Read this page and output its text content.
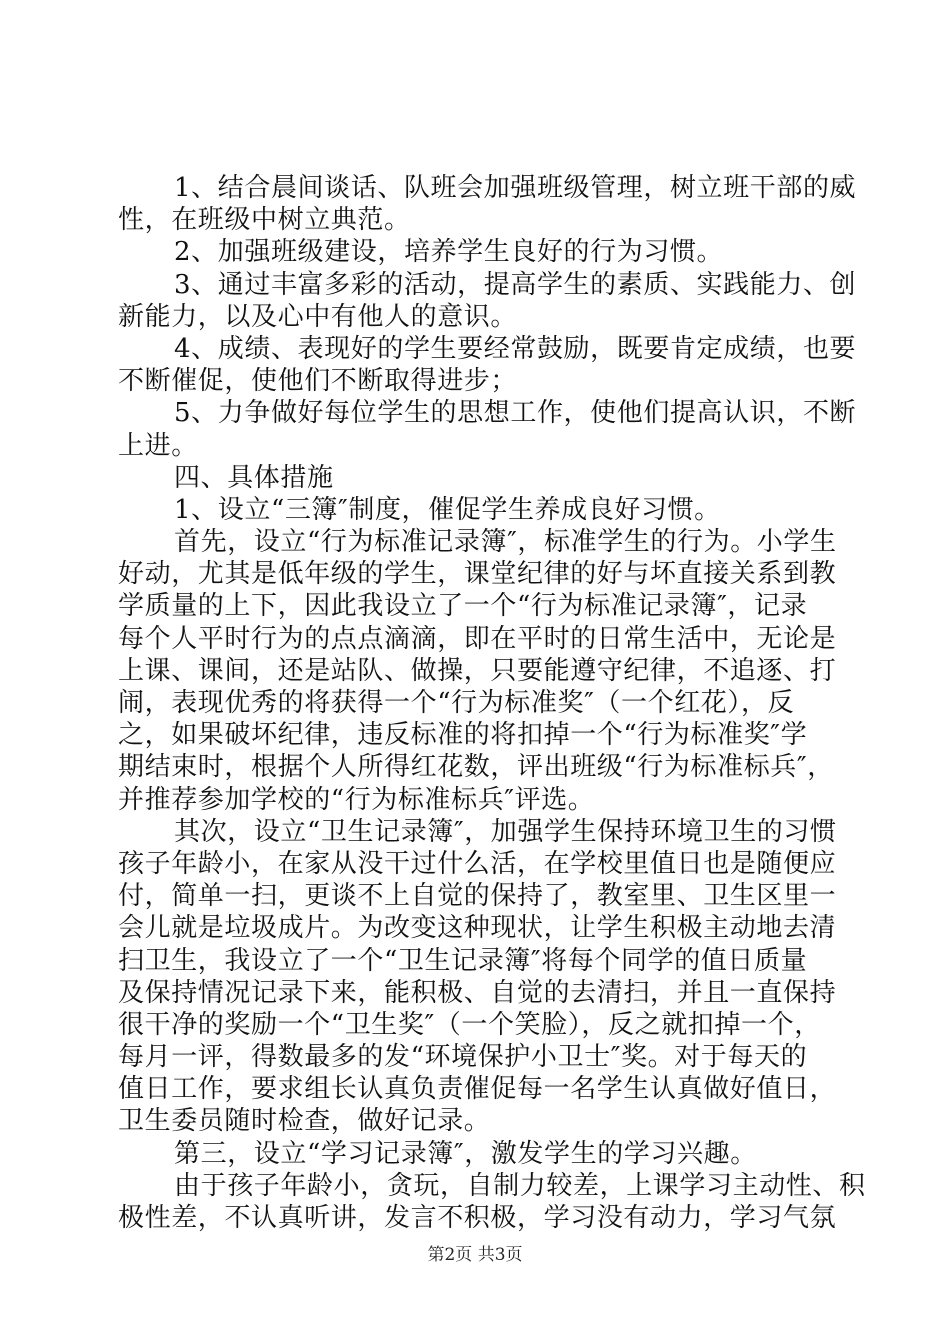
1、结合晨间谈话、队班会加强班级管理，树立班干部的威
性，在班级中树立典范。
2、加强班级建设，培养学生良好的行为习惯。
3、通过丰富多彩的活动，提高学生的素质、实践能力、创
新能力，以及心中有他人的意识。
4、成绩、表现好的学生要经常鼓励，既要肯定成绩，也要
不断催促，使他们不断取得进步；
5、力争做好每位学生的思想工作，使他们提高认识，不断
上进。
四、具体措施
1、设立“三簿″制度，催促学生养成良好习惯。
首先，设立“行为标准记录簿″，标准学生的行为。小学生
好动，尤其是低年级的学生，课堂纪律的好与坏直接关系到教
学质量的上下，因此我设立了一个“行为标准记录簿″，记录
每个人平时行为的点点滴滴，即在平时的日常生活中，无论是
上课、课间，还是站队、做操，只要能遵守纪律，不追逐、打
闹，表现优秀的将获得一个“行为标准奖″（一个红花），反
之，如果破坏纪律，违反标准的将扣掉一个“行为标准奖″学
期结束时，根据个人所得红花数，评出班级“行为标准标兵″，
并推荐参加学校的“行为标准标兵″评选。
其次，设立“卫生记录簿″，加强学生保持环境卫生的习惯
孩子年龄小，在家从没干过什么活，在学校里值日也是随便应
付，简单一扫，更谈不上自觉的保持了，教室里、卫生区里一
会儿就是垃圾成片。为改变这种现状，让学生积极主动地去清
扫卫生，我设立了一个“卫生记录簿″将每个同学的值日质量
及保持情况记录下来，能积极、自觉的去清扫，并且一直保持
很干净的奖励一个“卫生奖″（一个笑脸），反之就扣掉一个，
每月一评，得数最多的发“环境保护小卫士″奖。对于每天的
值日工作，要求组长认真负责催促每一名学生认真做好值日，
卫生委员随时检查，做好记录。
第三，设立“学习记录簿″，激发学生的学习兴趣。
由于孩子年龄小，贪玩，自制力较差，上课学习主动性、积
极性差，不认真听讲，发言不积极，学习没有动力，学习气氛
第2页 共3页
